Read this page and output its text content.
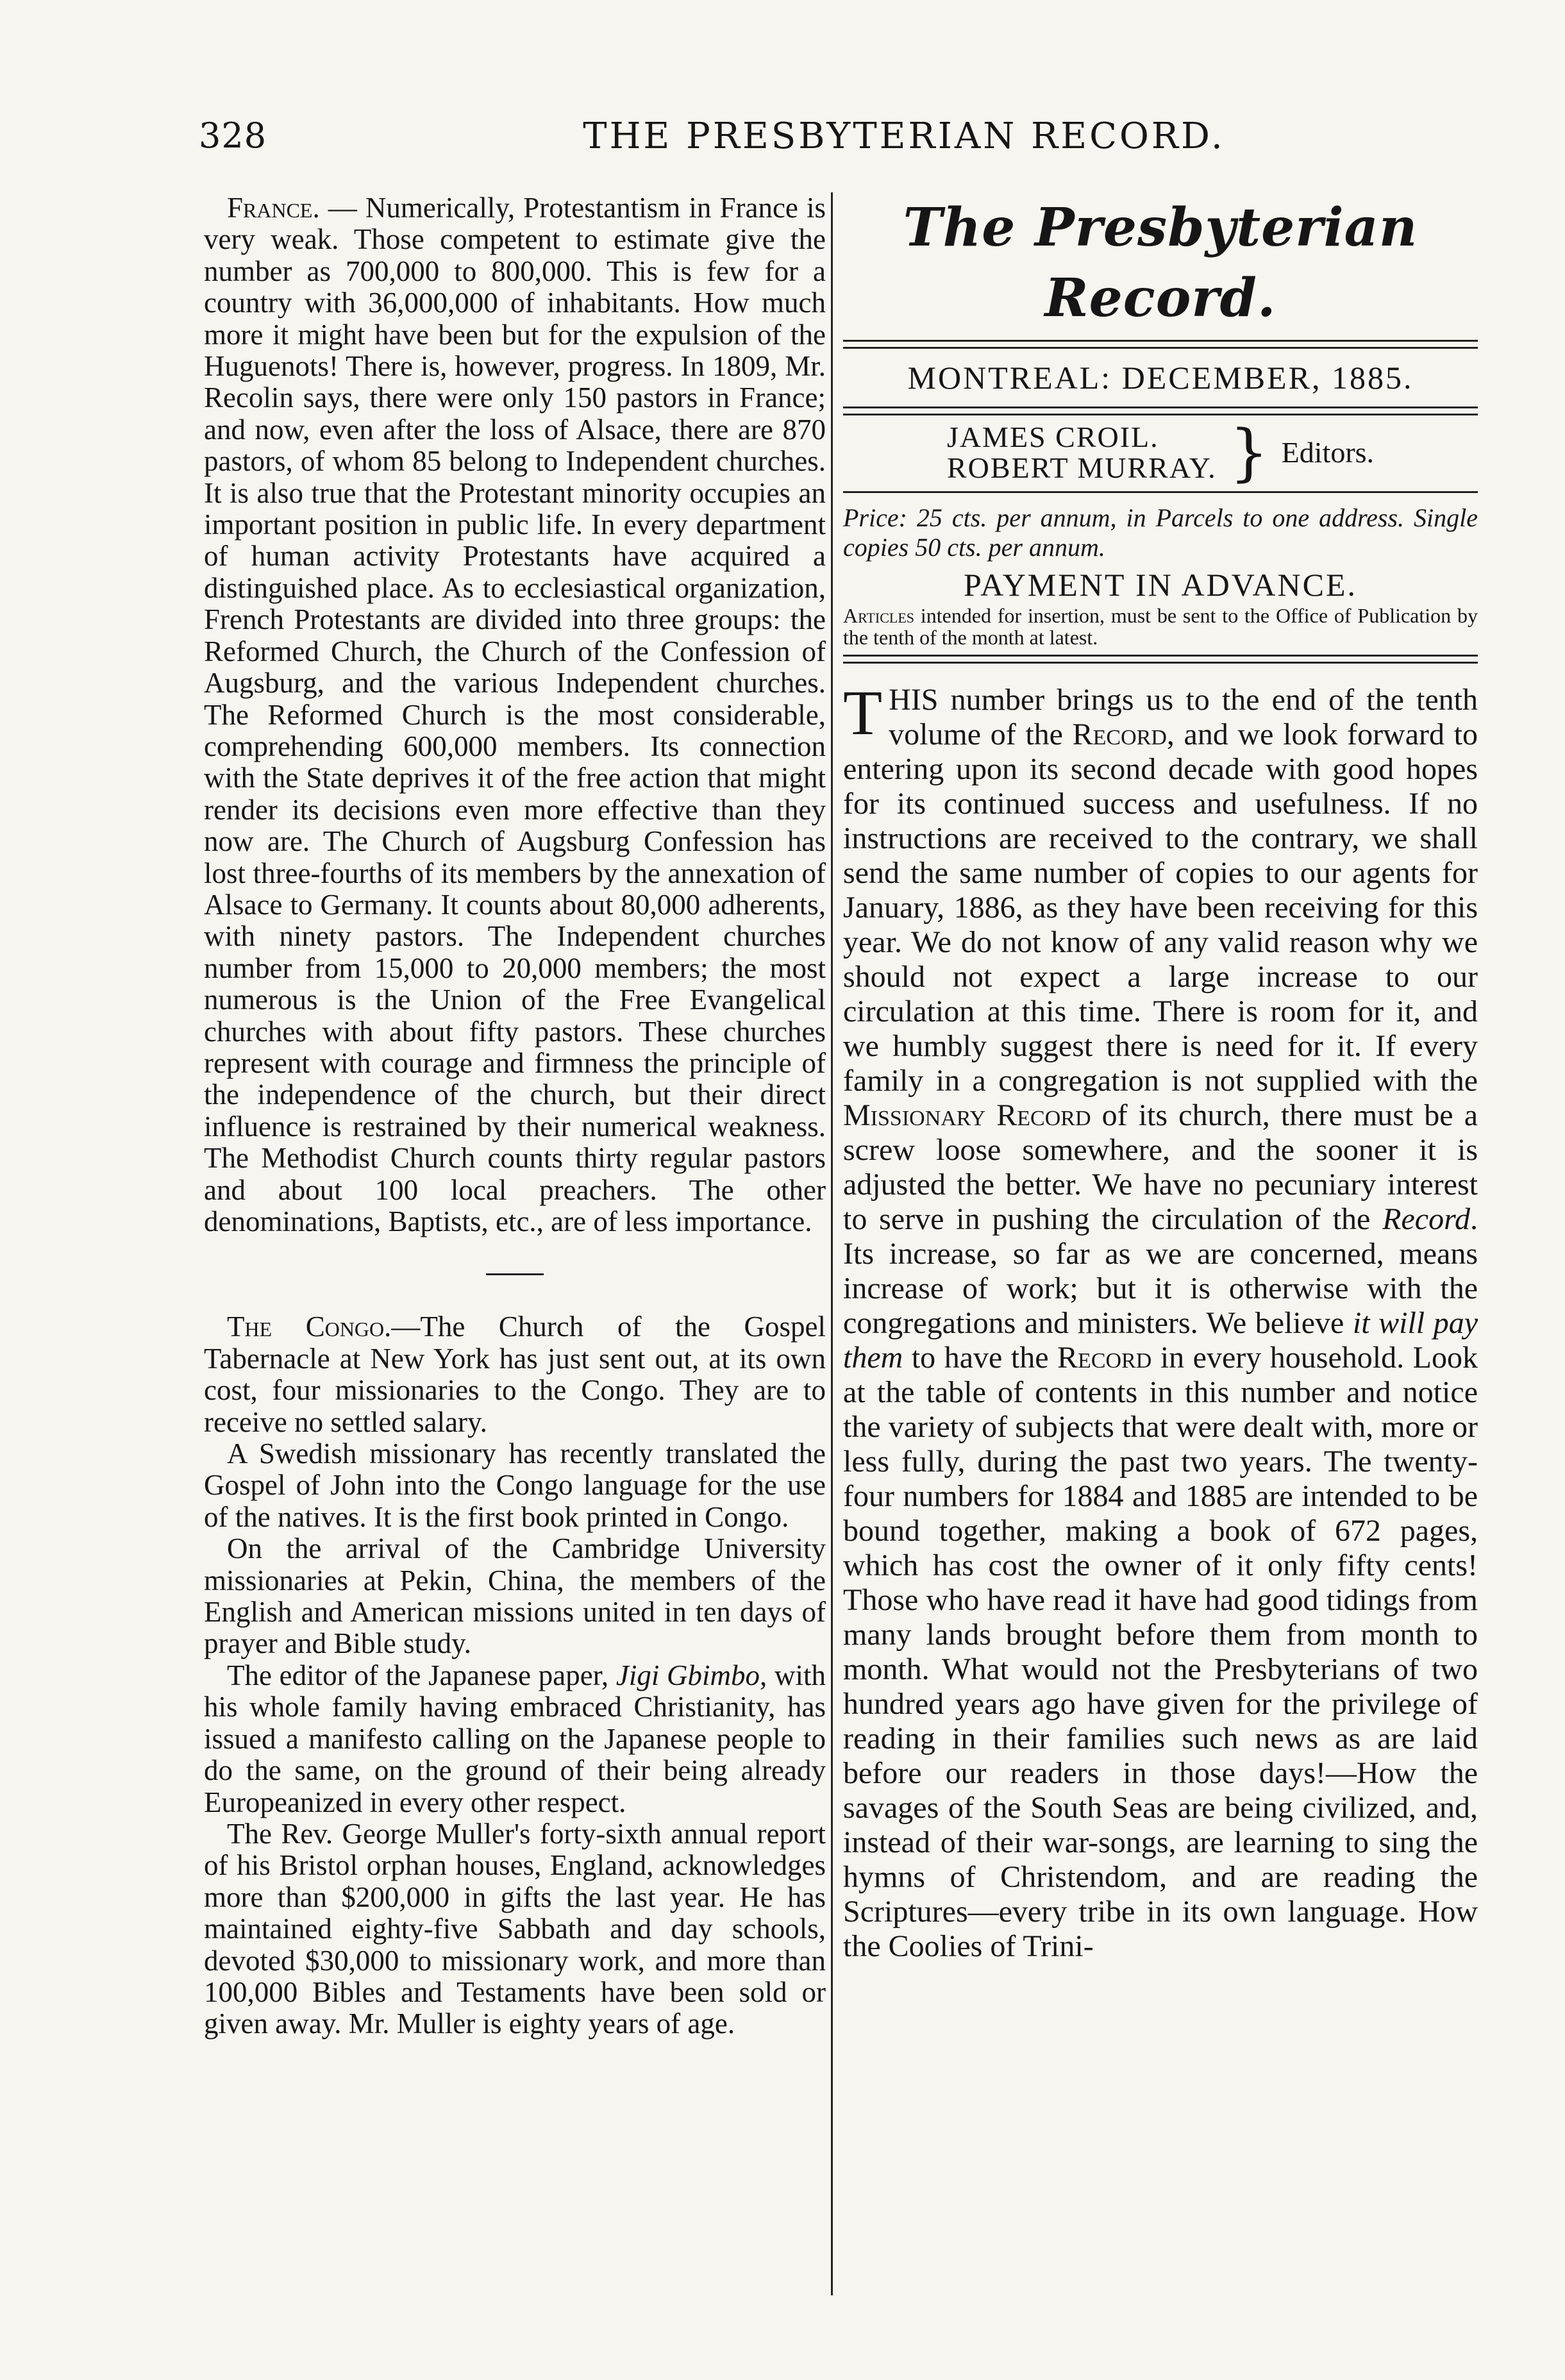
328	THE PRESBYTERIAN RECORD.

France. — Numerically, Protestantism in France is very weak. Those competent to estimate give the number as 700,000 to 800,000. This is few for a country with 36,000,000 of inhabitants. How much more it might have been but for the expulsion of the Huguenots! There is, however, progress. In 1809, Mr. Recolin says, there were only 150 pastors in France; and now, even after the loss of Alsace, there are 870 pastors, of whom 85 belong to Independent churches. It is also true that the Protestant minority occupies an important position in public life. In every department of human activity Protestants have acquired a distinguished place. As to ecclesiastical organization, French Protestants are divided into three groups: the Reformed Church, the Church of the Confession of Augsburg, and the various Independent churches. The Reformed Church is the most considerable, comprehending 600,000 members. Its connection with the State deprives it of the free action that might render its decisions even more effective than they now are. The Church of Augsburg Confession has lost three-fourths of its members by the annexation of Alsace to Germany. It counts about 80,000 adherents, with ninety pastors. The Independent churches number from 15,000 to 20,000 members; the most numerous is the Union of the Free Evangelical churches with about fifty pastors. These churches represent with courage and firmness the principle of the independence of the church, but their direct influence is restrained by their numerical weakness. The Methodist Church counts thirty regular pastors and about 100 local preachers. The other denominations, Baptists, etc., are of less importance.

The Congo.—The Church of the Gospel Tabernacle at New York has just sent out, at its own cost, four missionaries to the Congo. They are to receive no settled salary.

A Swedish missionary has recently translated the Gospel of John into the Congo language for the use of the natives. It is the first book printed in Congo.

On the arrival of the Cambridge University missionaries at Pekin, China, the members of the English and American missions united in ten days of prayer and Bible study.

The editor of the Japanese paper, Jigi Gbimbo, with his whole family having embraced Christianity, has issued a manifesto calling on the Japanese people to do the same, on the ground of their being already Europeanized in every other respect.

The Rev. George Muller's forty-sixth annual report of his Bristol orphan houses, England, acknowledges more than $200,000 in gifts the last year. He has maintained eighty-five Sabbath and day schools, devoted $30,000 to missionary work, and more than 100,000 Bibles and Testaments have been sold or given away. Mr. Muller is eighty years of age.

The Presbyterian Record.
MONTREAL: DECEMBER, 1885.
JAMES CROIL.
ROBERT MURRAY. } Editors.
Price: 25 cts. per annum, in Parcels to one address. Single copies 50 cts. per annum.
PAYMENT IN ADVANCE.
Articles intended for insertion, must be sent to the Office of Publication by the tenth of the month at latest.

THIS number brings us to the end of the tenth volume of the Record, and we look forward to entering upon its second decade with good hopes for its continued success and usefulness. If no instructions are received to the contrary, we shall send the same number of copies to our agents for January, 1886, as they have been receiving for this year. We do not know of any valid reason why we should not expect a large increase to our circulation at this time. There is room for it, and we humbly suggest there is need for it. If every family in a congregation is not supplied with the Missionary Record of its church, there must be a screw loose somewhere, and the sooner it is adjusted the better. We have no pecuniary interest to serve in pushing the circulation of the Record. Its increase, so far as we are concerned, means increase of work; but it is otherwise with the congregations and ministers. We believe it will pay them to have the Record in every household. Look at the table of contents in this number and notice the variety of subjects that were dealt with, more or less fully, during the past two years. The twenty-four numbers for 1884 and 1885 are intended to be bound together, making a book of 672 pages, which has cost the owner of it only fifty cents! Those who have read it have had good tidings from many lands brought before them from month to month. What would not the Presbyterians of two hundred years ago have given for the privilege of reading in their families such news as are laid before our readers in those days!—How the savages of the South Seas are being civilized, and, instead of their war-songs, are learning to sing the hymns of Christendom, and are reading the Scriptures—every tribe in its own language. How the Coolies of Trini-
